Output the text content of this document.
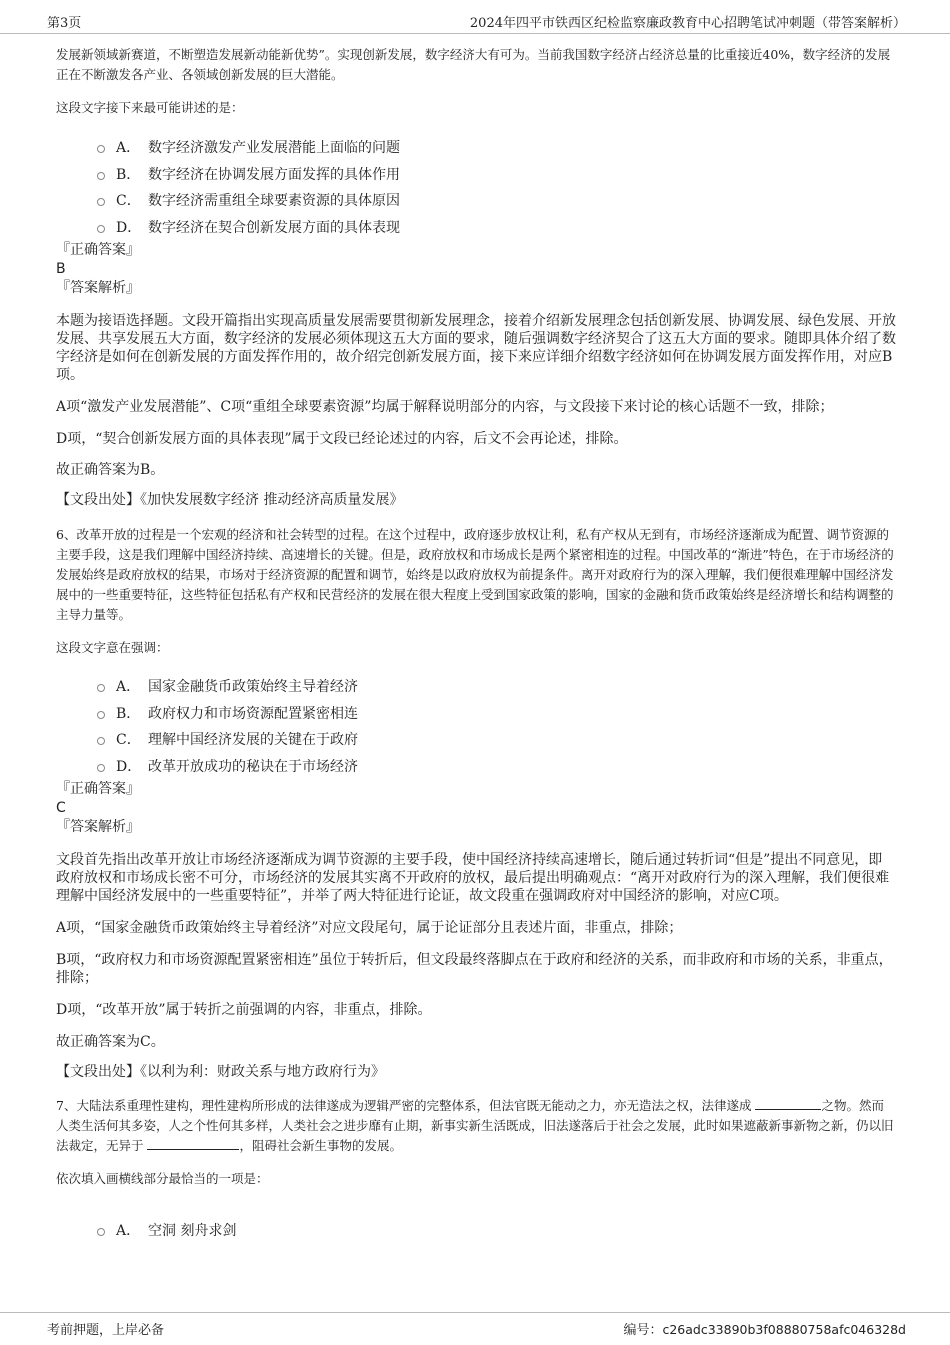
第3页	2024年四平市铁西区纪检监察廉政教育中心招聘笔试冲刺题（带答案解析）

发展新领域新赛道，不断塑造发展新动能新优势”。实现创新发展，数字经济大有可为。当前我国数字经济占经济总量的比重接近40%，数字经济的发展正在不断激发各产业、各领域创新发展的巨大潜能。

这段文字接下来最可能讲述的是：

A． 数字经济激发产业发展潜能上面临的问题
B． 数字经济在协调发展方面发挥的具体作用
C． 数字经济需重组全球要素资源的具体原因
D． 数字经济在契合创新发展方面的具体表现

『正确答案』

B

『答案解析』

本题为接语选择题。文段开篇指出实现高质量发展需要贯彻新发展理念，接着介绍新发展理念包括创新发展、协调发展、绿色发展、开放发展、共享发展五大方面，数字经济的发展必须体现这五大方面的要求，随后强调数字经济契合了这五大方面的要求。随即具体介绍了数字经济是如何在创新发展的方面发挥作用的，故介绍完创新发展方面，接下来应详细介绍数字经济如何在协调发展方面发挥作用，对应B项。

A项“激发产业发展潜能”、C项“重组全球要素资源”均属于解释说明部分的内容，与文段接下来讨论的核心话题不一致，排除；

D项，“契合创新发展方面的具体表现”属于文段已经论述过的内容，后文不会再论述，排除。

故正确答案为B。

【文段出处】《加快发展数字经济 推动经济高质量发展》

6、改革开放的过程是一个宏观的经济和社会转型的过程。在这个过程中，政府逐步放权让利，私有产权从无到有，市场经济逐渐成为配置、调节资源的主要手段，这是我们理解中国经济持续、高速增长的关键。但是，政府放权和市场成长是两个紧密相连的过程。中国改革的“渐进”特色，在于市场经济的发展始终是政府放权的结果，市场对于经济资源的配置和调节，始终是以政府放权为前提条件。离开对政府行为的深入理解，我们便很难理解中国经济发展中的一些重要特征，这些特征包括私有产权和民营经济的发展在很大程度上受到国家政策的影响，国家的金融和货币政策始终是经济增长和结构调整的主导力量等。

这段文字意在强调：

A． 国家金融货币政策始终主导着经济
B． 政府权力和市场资源配置紧密相连
C． 理解中国经济发展的关键在于政府
D． 改革开放成功的秘诀在于市场经济

『正确答案』

C

『答案解析』

文段首先指出改革开放让市场经济逐渐成为调节资源的主要手段，使中国经济持续高速增长，随后通过转折词“但是”提出不同意见，即政府放权和市场成长密不可分，市场经济的发展其实离不开政府的放权，最后提出明确观点：“离开对政府行为的深入理解，我们便很难理解中国经济发展中的一些重要特征”，并举了两大特征进行论证，故文段重在强调政府对中国经济的影响，对应C项。

A项，“国家金融货币政策始终主导着经济”对应文段尾句，属于论证部分且表述片面，非重点，排除；

B项，“政府权力和市场资源配置紧密相连”虽位于转折后，但文段最终落脚点在于政府和经济的关系，而非政府和市场的关系，非重点，排除；

D项，“改革开放”属于转折之前强调的内容，非重点，排除。

故正确答案为C。

【文段出处】《以利为利：财政关系与地方政府行为》

7、大陆法系重理性建构，理性建构所形成的法律遂成为逻辑严密的完整体系，但法官既无能动之力，亦无造法之权，法律遂成	之物。然而人类生活何其多姿，人之个性何其多样，人类社会之进步靡有止期，新事实新生活既成，旧法遂落后于社会之发展，此时如果遮蔽新事新物之新，仍以旧法裁定，无异于	，阻碍社会新生事物的发展。

依次填入画横线部分最恰当的一项是：

A． 空洞 刻舟求剑
考前押题，上岸必备	编号：c26adc33890b3f08880758afc046328d
